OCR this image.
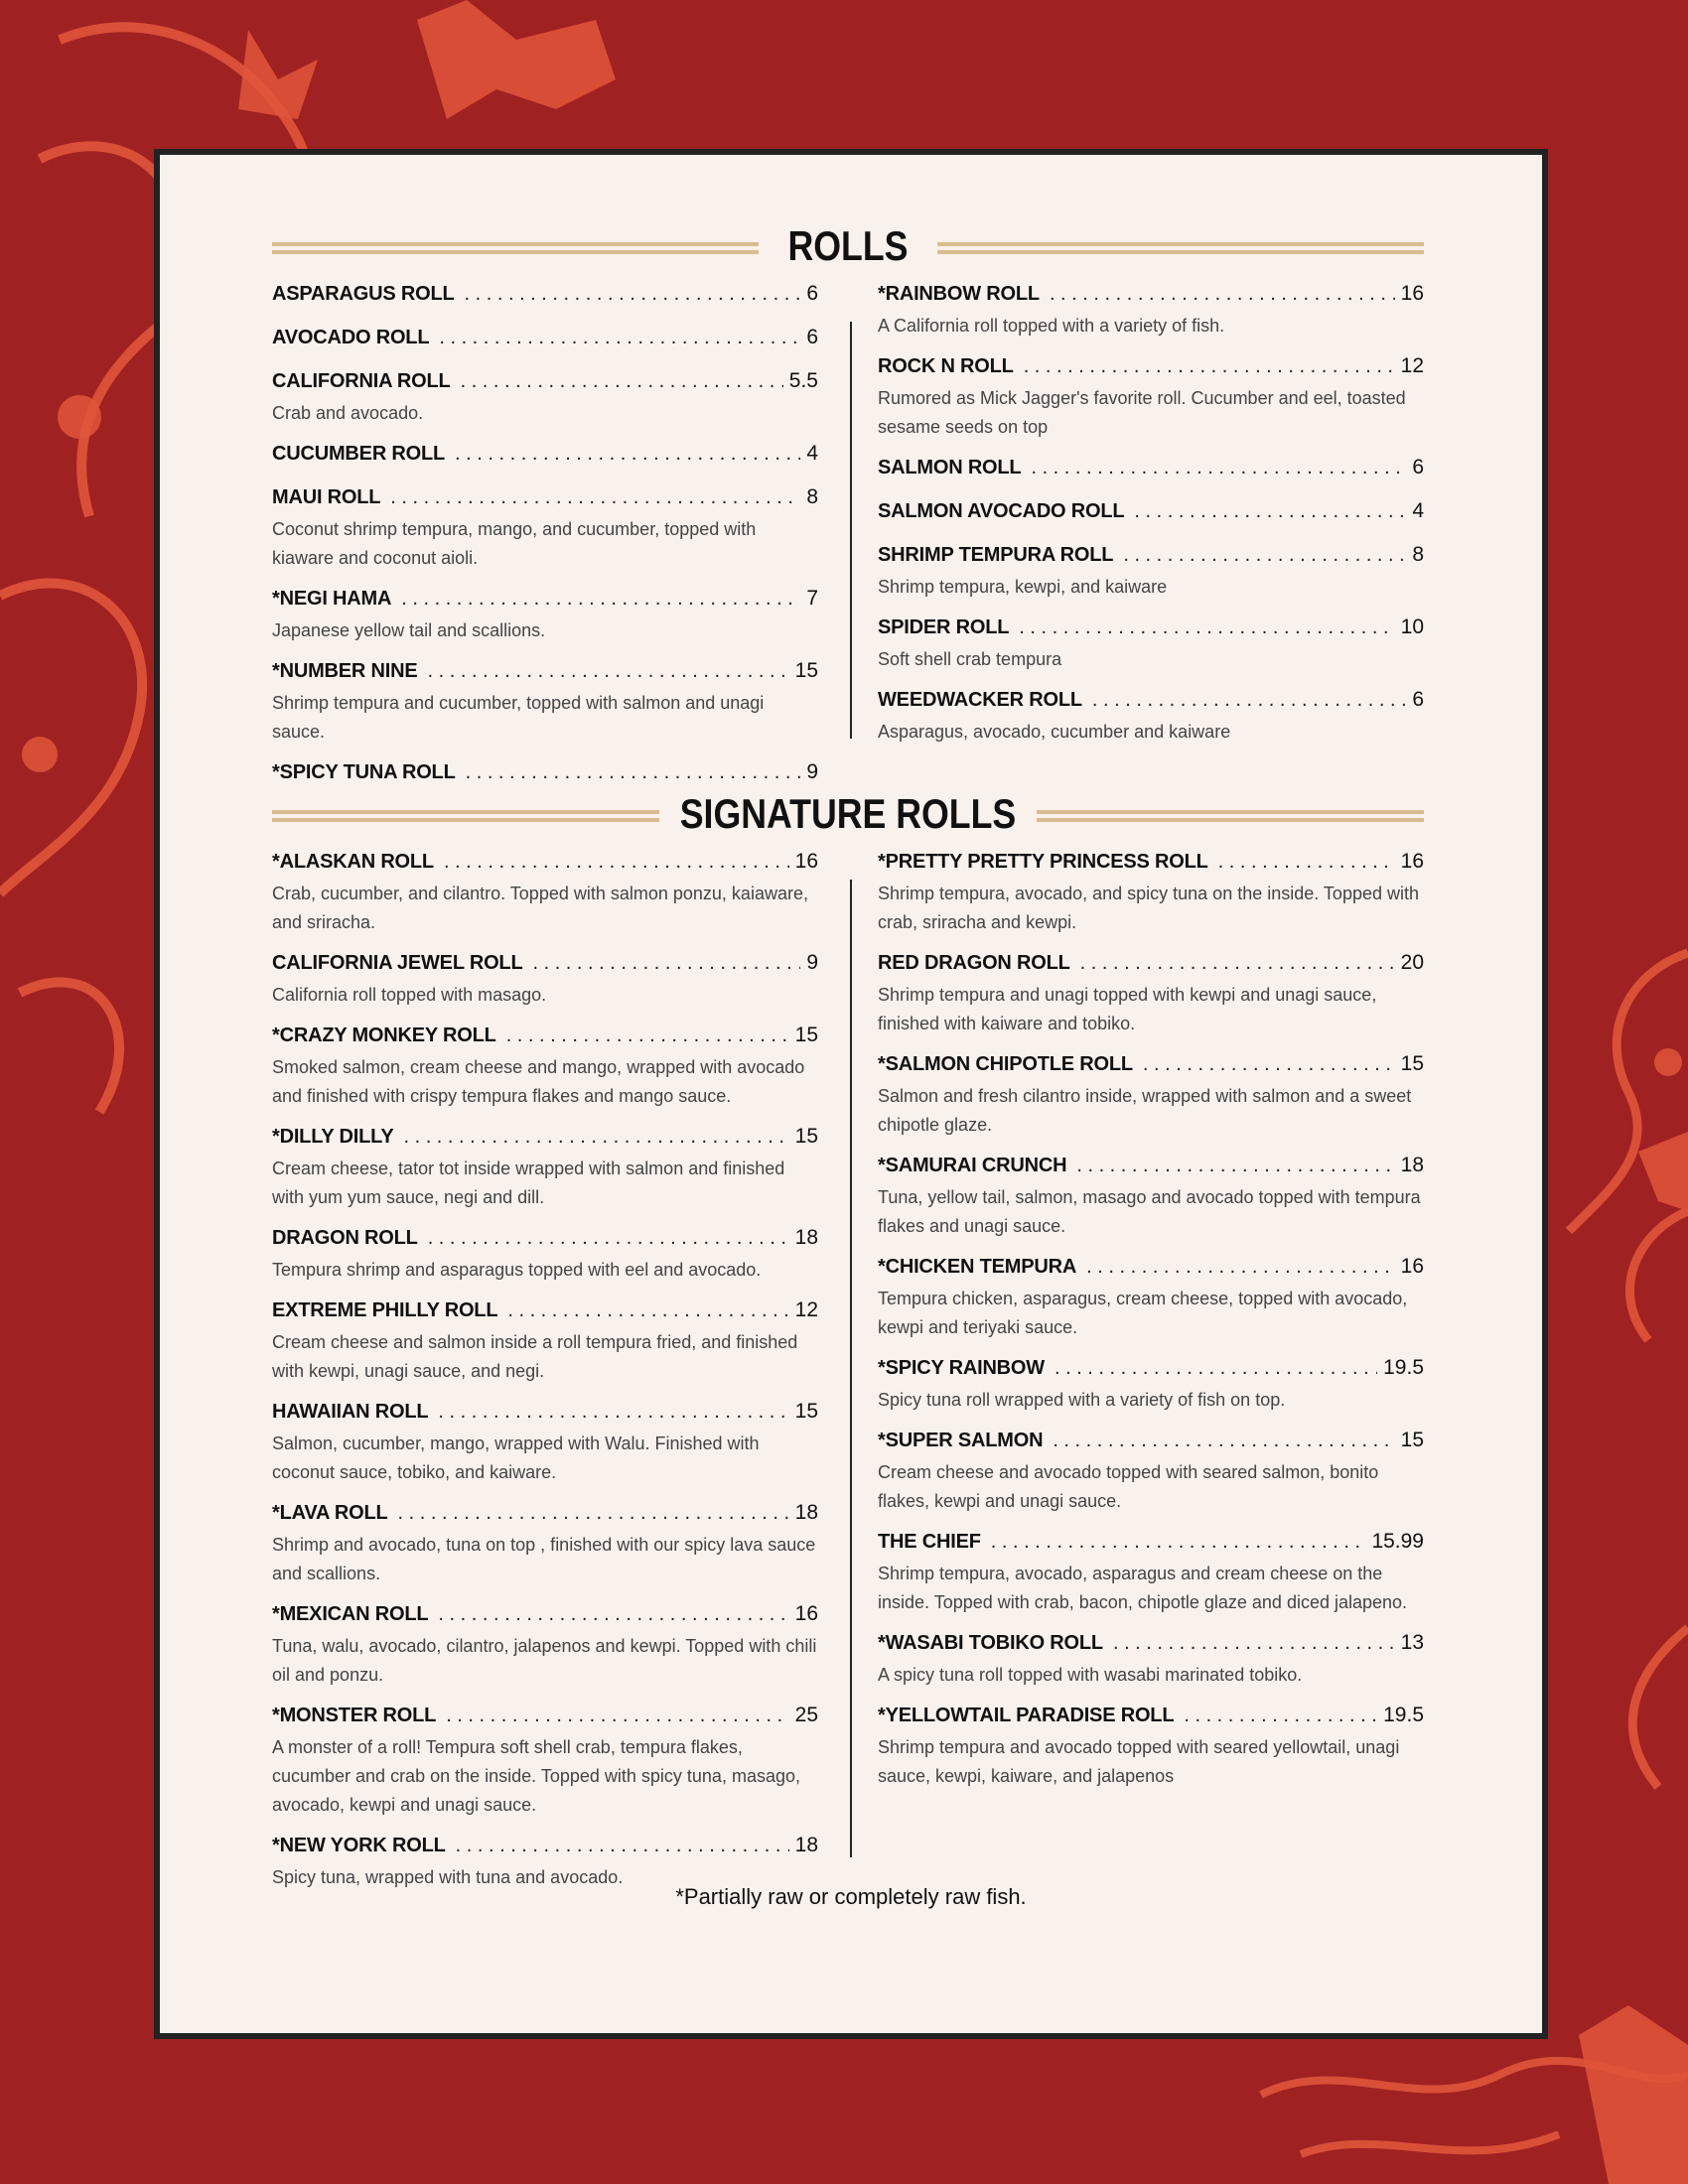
ROLLS
ASPARAGUS ROLL . . .	6
AVOCADO ROLL . . .	6
CALIFORNIA ROLL . . .	5.5
Crab and avocado.
CUCUMBER ROLL . . .	4
MAUI ROLL . . .	8
Coconut shrimp tempura, mango, and cucumber, topped with kiaware and coconut aioli.
*NEGI HAMA . . .	7
Japanese yellow tail and scallions.
*NUMBER NINE . . .	15
Shrimp tempura and cucumber, topped with salmon and unagi sauce.
*SPICY TUNA ROLL . . .	9
*RAINBOW ROLL . . .	16
A California roll topped with a variety of fish.
ROCK N ROLL . . .	12
Rumored as Mick Jagger's favorite roll. Cucumber and eel, toasted sesame seeds on top
SALMON ROLL . . .	6
SALMON AVOCADO ROLL . . .	4
SHRIMP TEMPURA ROLL . . .	8
Shrimp tempura, kewpi, and kaiware
SPIDER ROLL . . .	10
Soft shell crab tempura
WEEDWACKER ROLL . . .	6
Asparagus, avocado, cucumber and kaiware
SIGNATURE ROLLS
*ALASKAN ROLL . . .	16
Crab, cucumber, and cilantro. Topped with salmon ponzu, kaiaware, and sriracha.
CALIFORNIA JEWEL ROLL . . .	9
California roll topped with masago.
*CRAZY MONKEY ROLL . . .	15
Smoked salmon, cream cheese and mango, wrapped with avocado and finished with crispy tempura flakes and mango sauce.
*DILLY DILLY . . .	15
Cream cheese, tator tot inside wrapped with salmon and finished with yum yum sauce, negi and dill.
DRAGON ROLL . . .	18
Tempura shrimp and asparagus topped with eel and avocado.
EXTREME PHILLY ROLL . . .	12
Cream cheese and salmon inside a roll tempura fried, and finished with kewpi, unagi sauce, and negi.
HAWAIIAN ROLL . . .	15
Salmon, cucumber, mango, wrapped with Walu. Finished with coconut sauce, tobiko, and kaiware.
*LAVA ROLL . . .	18
Shrimp and avocado, tuna on top , finished with our spicy lava sauce and scallions.
*MEXICAN ROLL . . .	16
Tuna, walu, avocado, cilantro, jalapenos and kewpi. Topped with chili oil and ponzu.
*MONSTER ROLL . . .	25
A monster of a roll! Tempura soft shell crab, tempura flakes, cucumber and crab on the inside. Topped with spicy tuna, masago, avocado, kewpi and unagi sauce.
*NEW YORK ROLL . . .	18
Spicy tuna, wrapped with tuna and avocado.
*PRETTY PRETTY PRINCESS ROLL . . .	16
Shrimp tempura, avocado, and spicy tuna on the inside. Topped with crab, sriracha and kewpi.
RED DRAGON ROLL . . .	20
Shrimp tempura and unagi topped with kewpi and unagi sauce, finished with kaiware and tobiko.
*SALMON CHIPOTLE ROLL . . .	15
Salmon and fresh cilantro inside, wrapped with salmon and a sweet chipotle glaze.
*SAMURAI CRUNCH . . .	18
Tuna, yellow tail, salmon, masago and avocado topped with tempura flakes and unagi sauce.
*CHICKEN TEMPURA . . .	16
Tempura chicken, asparagus, cream cheese, topped with avocado, kewpi and teriyaki sauce.
*SPICY RAINBOW . . .	19.5
Spicy tuna roll wrapped with a variety of fish on top.
*SUPER SALMON . . .	15
Cream cheese and avocado topped with seared salmon, bonito flakes, kewpi and unagi sauce.
THE CHIEF . . .	15.99
Shrimp tempura, avocado, asparagus and cream cheese on the inside. Topped with crab, bacon, chipotle glaze and diced jalapeno.
*WASABI TOBIKO ROLL . . .	13
A spicy tuna roll topped with wasabi marinated tobiko.
*YELLOWTAIL PARADISE ROLL . . .	19.5
Shrimp tempura and avocado topped with seared yellowtail, unagi sauce, kewpi, kaiware, and jalapenos
*Partially raw or completely raw fish.
